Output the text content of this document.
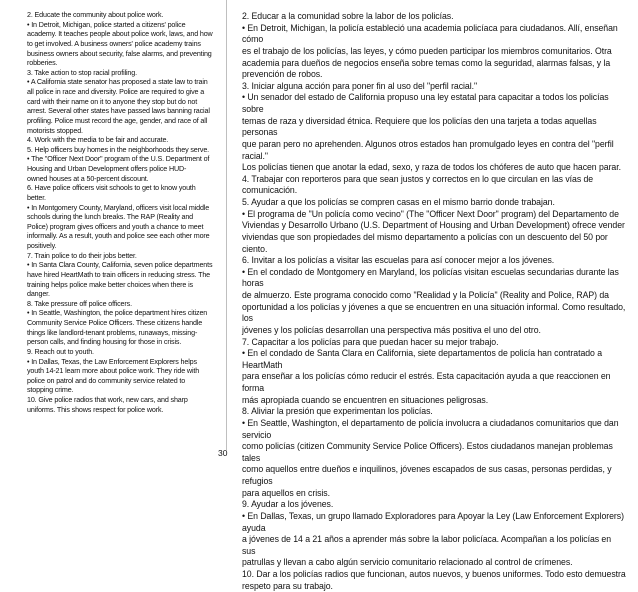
2. Educate the community about police work.

• In Detroit, Michigan, police started a citizens' police

academy. It teaches people about police work, laws, and how

to get involved. A business owners' police academy trains

business owners about security, false alarms, and preventing

robberies.

3. Take action to stop racial profiling.

• A California state senator has proposed a state law to train

all police in race and diversity. Police are required to give a

card with their name on it to anyone they stop but do not

arrest. Several other states have passed laws banning racial

profiling. Police must record the age, gender, and race of all

motorists stopped.

4. Work with the media to be fair and accurate.

5. Help officers buy homes in the neighborhoods they serve.

• The "Officer Next Door" program of the U.S. Department of

Housing and Urban Development offers police HUD-

owned houses at a 50-percent discount.

6. Have police officers visit schools to get to know youth

better.

• In Montgomery County, Maryland, officers visit local middle

schools during the lunch breaks. The RAP (Reality and

Police) program gives officers and youth a chance to meet

informally. As a result, youth and police see each other more

positively.

7. Train police to do their jobs better.

• In Santa Clara County, California, seven police departments

have hired HeartMath to train officers in reducing stress. The

training helps police make better choices when there is

danger.

8. Take pressure off police officers.

• In Seattle, Washington, the police department hires citizen

Community Service Police Officers. These citizens handle

things like landlord-tenant problems, runaways, missing-

person calls, and finding housing for those in crisis.

9. Reach out to youth.

• In Dallas, Texas, the Law Enforcement Explorers helps

youth 14-21 learn more about police work. They ride with

police on patrol and do community service related to

stopping crime.

10. Give police radios that work, new cars, and sharp

uniforms. This shows respect for police work.

2. Educar a la comunidad sobre la labor de los policías.

• En Detroit, Michigan, la policía estableció una academia policíaca para ciudadanos. Allí, enseñan cómo

es el trabajo de los policías, las leyes, y cómo pueden participar los miembros comunitarios. Otra

academia para dueños de negocios enseña sobre temas como la seguridad, alarmas falsas, y la

prevención de robos.

3. Iniciar alguna acción para poner fin al uso del "perfil racial."

• Un senador del estado de California propuso una ley estatal para capacitar a todos los policías sobre

temas de raza y diversidad étnica. Requiere que los policías den una tarjeta a todas aquellas personas

que paran pero no aprehenden. Algunos otros estados han promulgado leyes en contra del "perfil racial."

Los policías tienen que anotar la edad, sexo, y raza de todos los chóferes de auto que hacen parar.

4. Trabajar con reporteros para que sean justos y correctos en lo que circulan en las vías de

comunicación.

5. Ayudar a que los policías se compren casas en el mismo barrio donde trabajan.

• El programa de "Un policía como vecino" (The "Officer Next Door" program) del Departamento de

Viviendas y Desarrollo Urbano (U.S. Department of Housing and Urban Development) ofrece vender

viviendas que son propiedades del mismo departamento a policías con un descuento del 50 por ciento.

6. Invitar a los policías a visitar las escuelas para así conocer mejor a los jóvenes.

• En el condado de Montgomery en Maryland, los policías visitan escuelas secundarias durante las horas

de almuerzo. Este programa conocido como "Realidad y la Policía" (Reality and Police, RAP) da

oportunidad a los policías y jóvenes a que se encuentren en una situación informal. Como resultado, los

jóvenes y los policías desarrollan una perspectiva más positiva el uno del otro.

7. Capacitar a los policías para que puedan hacer su mejor trabajo.

• En el condado de Santa Clara en California, siete departamentos de policía han contratado a HeartMath

para enseñar a los policías cómo reducir el estrés. Esta capacitación ayuda a que reaccionen en forma

más apropiada cuando se encuentren en situaciones peligrosas.

8. Aliviar la presión que experimentan los policías.

• En Seattle, Washington, el departamento de policía involucra a ciudadanos comunitarios que dan servicio

como policías (citizen Community Service Police Officers). Estos ciudadanos manejan problemas tales

como aquellos entre dueños e inquilinos, jóvenes escapados de sus casas, personas perdidas, y refugios

para aquellos en crisis.

9. Ayudar a los jóvenes.

• En Dallas, Texas, un grupo llamado Exploradores para Apoyar la Ley (Law Enforcement Explorers) ayuda

a jóvenes de 14 a 21 años a aprender más sobre la labor policíaca. Acompañan a los policías en sus

patrullas y llevan a cabo algún servicio comunitario relacionado al control de crímenes.

10. Dar a los policías radios que funcionan, autos nuevos, y buenos uniformes. Todo esto demuestra

respeto para su trabajo.

30
